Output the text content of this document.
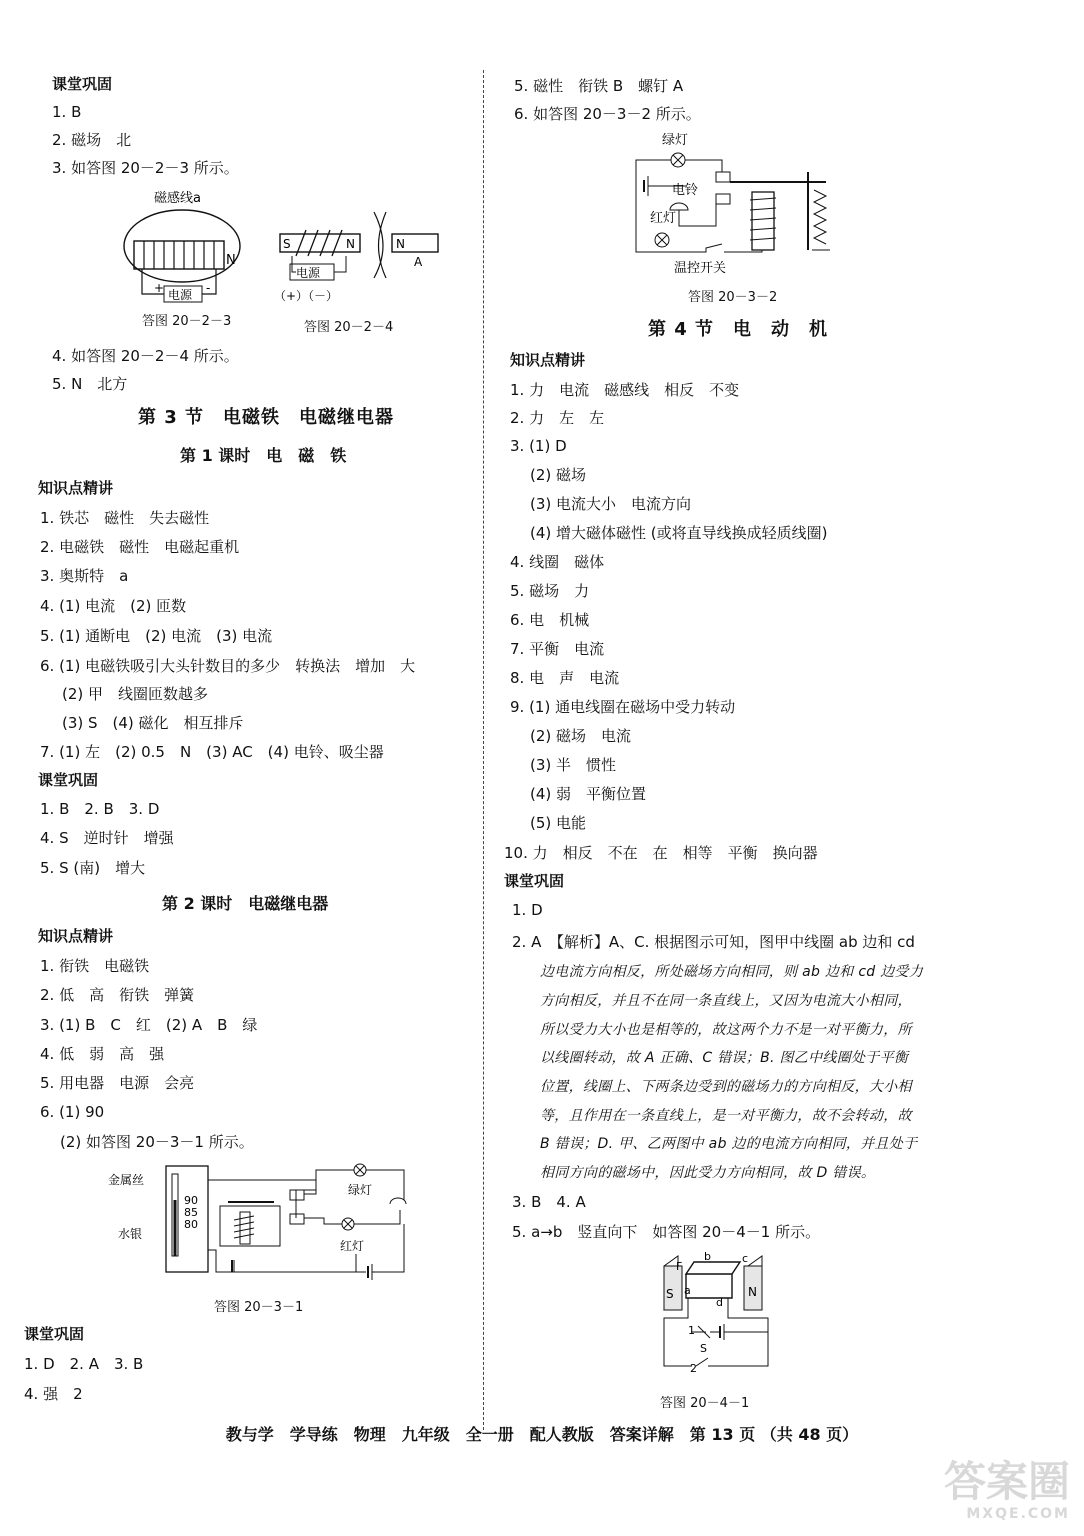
课堂巩固
1. B
2. 磁场　北
3. 如答图 20－2－3 所示。
磁感线a
N
电源
+	-
答图 20－2－3
S	N	N
A
电源
（+）（－）
答图 20－2－4
4. 如答图 20－2－4 所示。
5. N　北方
第 3 节　电磁铁　电磁继电器
第 1 课时　电　磁　铁
知识点精讲
1. 铁芯　磁性　失去磁性
2. 电磁铁　磁性　电磁起重机
3. 奥斯特　a
4. (1) 电流　(2) 匝数
5. (1) 通断电　(2) 电流　(3) 电流
6. (1) 电磁铁吸引大头针数目的多少　转换法　增加　大
(2) 甲　线圈匝数越多
(3) S　(4) 磁化　相互排斥
7. (1) 左　(2) 0.5　N　(3) AC　(4) 电铃、吸尘器
课堂巩固
1. B　2. B　3. D
4. S　逆时针　增强
5. S (南)　增大
第 2 课时　电磁继电器
知识点精讲
1. 衔铁　电磁铁
2. 低　高　衔铁　弹簧
3. (1) B　C　红　(2) A　B　绿
4. 低　弱　高　强
5. 用电器　电源　会亮
6. (1) 90
(2) 如答图 20－3－1 所示。
金属丝
水银
90
85
80
绿灯
红灯
答图 20－3－1
课堂巩固
1. D　2. A　3. B
4. 强　2
5. 磁性　衔铁 B　螺钉 A
6. 如答图 20－3－2 所示。
绿灯
电铃
红灯
温控开关
答图 20－3－2
第 4 节　电　动　机
知识点精讲
1. 力　电流　磁感线　相反　不变
2. 力　左　左
3. (1) D
(2) 磁场
(3) 电流大小　电流方向
(4) 增大磁体磁性 (或将直导线换成轻质线圈)
4. 线圈　磁体
5. 磁场　力
6. 电　机械
7. 平衡　电流
8. 电　声　电流
9. (1) 通电线圈在磁场中受力转动
(2) 磁场　电流
(3) 半　惯性
(4) 弱　平衡位置
(5) 电能
10. 力　相反　不在　在　相等　平衡　换向器
课堂巩固
1. D
2. A　【解析】A、C. 根据图示可知，图甲中线圈 ab 边和 cd
边电流方向相反，所处磁场方向相同，则 ab 边和 cd 边受力
方向相反，并且不在同一条直线上，又因为电流大小相同，
所以受力大小也是相等的，故这两个力不是一对平衡力，所
以线圈转动，故 A 正确、C 错误；B. 图乙中线圈处于平衡
位置，线圈上、下两条边受到的磁场力的方向相反，大小相
等，且作用在一条直线上，是一对平衡力，故不会转动，故
B 错误；D. 甲、乙两图中 ab 边的电流方向相同，并且处于
相同方向的磁场中，因此受力方向相同，故 D 错误。
3. B　4. A
5. a→b　竖直向下　如答图 20－4－1 所示。
S
F
N
b	c
a
d
1
S
2
答图 20－4－1
教与学　学导练　物理　九年级　全一册　配人教版　答案详解　第 13 页 （共 48 页）
答案圈
MXQE.COM
